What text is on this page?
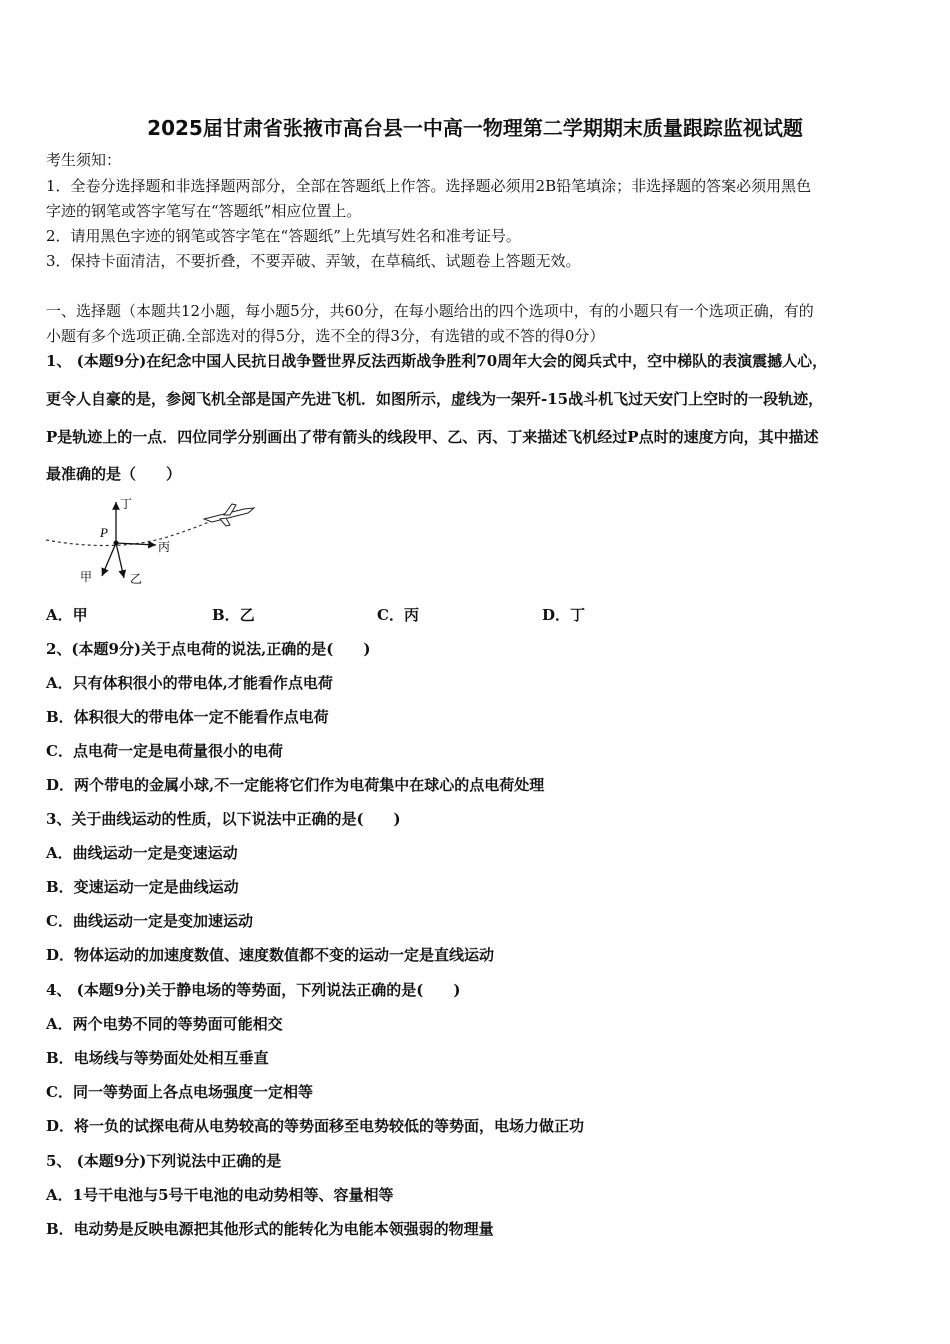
2025届甘肃省张掖市高台县一中高一物理第二学期期末质量跟踪监视试题
考生须知：
1．全卷分选择题和非选择题两部分，全部在答题纸上作答。选择题必须用2B铅笔填涂；非选择题的答案必须用黑色
字迹的钢笔或答字笔写在“答题纸”相应位置上。
2．请用黑色字迹的钢笔或答字笔在“答题纸”上先填写姓名和准考证号。
3．保持卡面清洁，不要折叠，不要弄破、弄皱，在草稿纸、试题卷上答题无效。
一、选择题（本题共12小题，每小题5分，共60分，在每小题给出的四个选项中，有的小题只有一个选项正确，有的
小题有多个选项正确.全部选对的得5分，选不全的得3分，有选错的或不答的得0分）
1、 (本题9分)在纪念中国人民抗日战争暨世界反法西斯战争胜利70周年大会的阅兵式中，空中梯队的表演震撼人心，
更令人自豪的是，参阅飞机全部是国产先进飞机．如图所示，虚线为一架歼-15战斗机飞过天安门上空时的一段轨迹，
P是轨迹上的一点．四位同学分别画出了带有箭头的线段甲、乙、丙、丁来描述飞机经过P点时的速度方向，其中描述
最准确的是（　　）
P
丁
丙
甲	乙
A．甲	B．乙	C．丙	D．丁
2、(本题9分)关于点电荷的说法,正确的是(　　)
A．只有体积很小的带电体,才能看作点电荷
B．体积很大的带电体一定不能看作点电荷
C．点电荷一定是电荷量很小的电荷
D．两个带电的金属小球,不一定能将它们作为电荷集中在球心的点电荷处理
3、关于曲线运动的性质，以下说法中正确的是(　　)
A．曲线运动一定是变速运动
B．变速运动一定是曲线运动
C．曲线运动一定是变加速运动
D．物体运动的加速度数值、速度数值都不变的运动一定是直线运动
4、 (本题9分)关于静电场的等势面，下列说法正确的是(　　)
A．两个电势不同的等势面可能相交
B．电场线与等势面处处相互垂直
C．同一等势面上各点电场强度一定相等
D．将一负的试探电荷从电势较高的等势面移至电势较低的等势面，电场力做正功
5、 (本题9分)下列说法中正确的是
A．1号干电池与5号干电池的电动势相等、容量相等
B．电动势是反映电源把其他形式的能转化为电能本领强弱的物理量
